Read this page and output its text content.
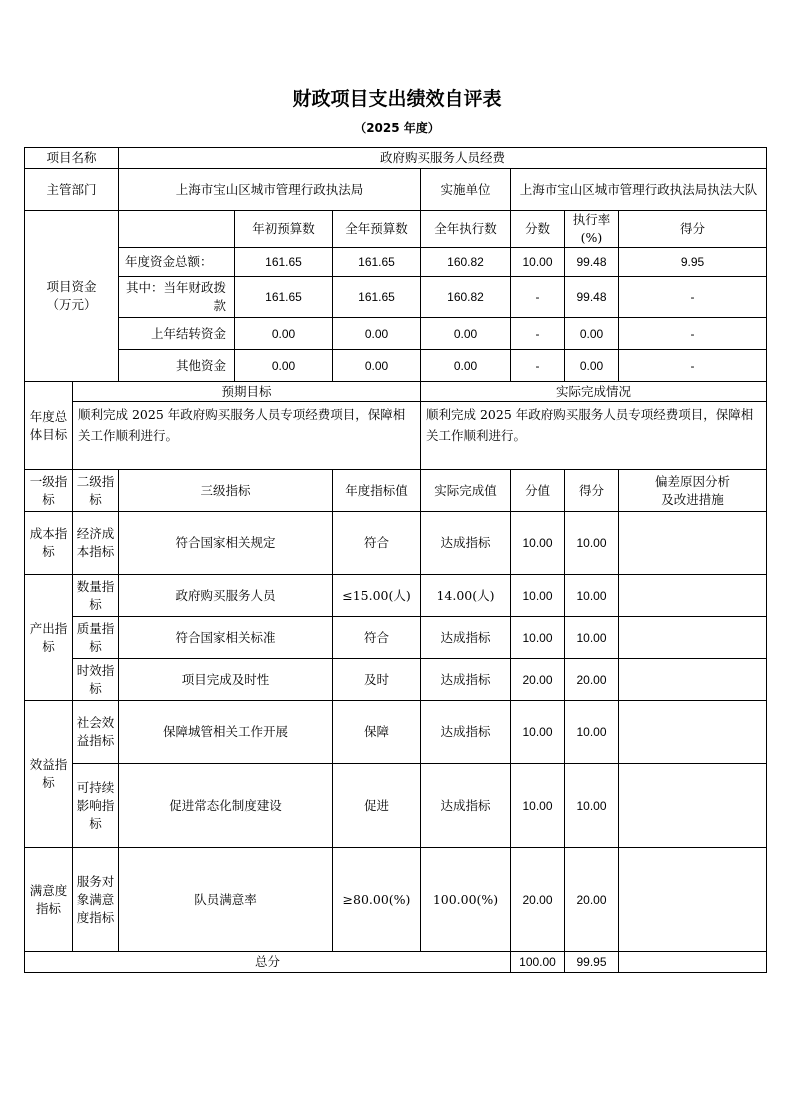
财政项目支出绩效自评表
（2025 年度）
项目名称		政府购买服务人员经费						
主管部门		上海市宝山区城市管理行政执法局			实施单位	上海市宝山区城市管理行政执法局执法大队		
项目资金
（万元）			年初预算数	全年预算数	全年执行数	分数	执行率(%)	得分
		年度资金总额：	161.65	161.65	160.82	10.00	99.48	9.95
		其中：当年财政拨款	161.65	161.65	160.82	-	99.48	-
		上年结转资金	0.00	0.00	0.00	-	0.00	-
		其他资金	0.00	0.00	0.00	-	0.00	-
年度总体目标	预期目标				实际完成情况			
	顺利完成 2025 年政府购买服务人员专项经费项目，保障相关工作顺利进行。				顺利完成 2025 年政府购买服务人员专项经费项目，保障相关工作顺利进行。			
一级指标	二级指标	三级指标		年度指标值	实际完成值	分值	得分	偏差原因分析
及改进措施
成本指标	经济成本指标	符合国家相关规定		符合	达成指标	10.00	10.00	
产出指标	数量指标	政府购买服务人员		≤15.00(人)	14.00(人)	10.00	10.00	
	质量指标	符合国家相关标准		符合	达成指标	10.00	10.00	
	时效指标	项目完成及时性		及时	达成指标	20.00	20.00	
效益指标	社会效益指标	保障城管相关工作开展		保障	达成指标	10.00	10.00	
	可持续影响指标	促进常态化制度建设		促进	达成指标	10.00	10.00	
满意度指标	服务对象满意度指标	队员满意率		≥80.00(%)	100.00(%)	20.00	20.00	
总分						100.00	99.95	
